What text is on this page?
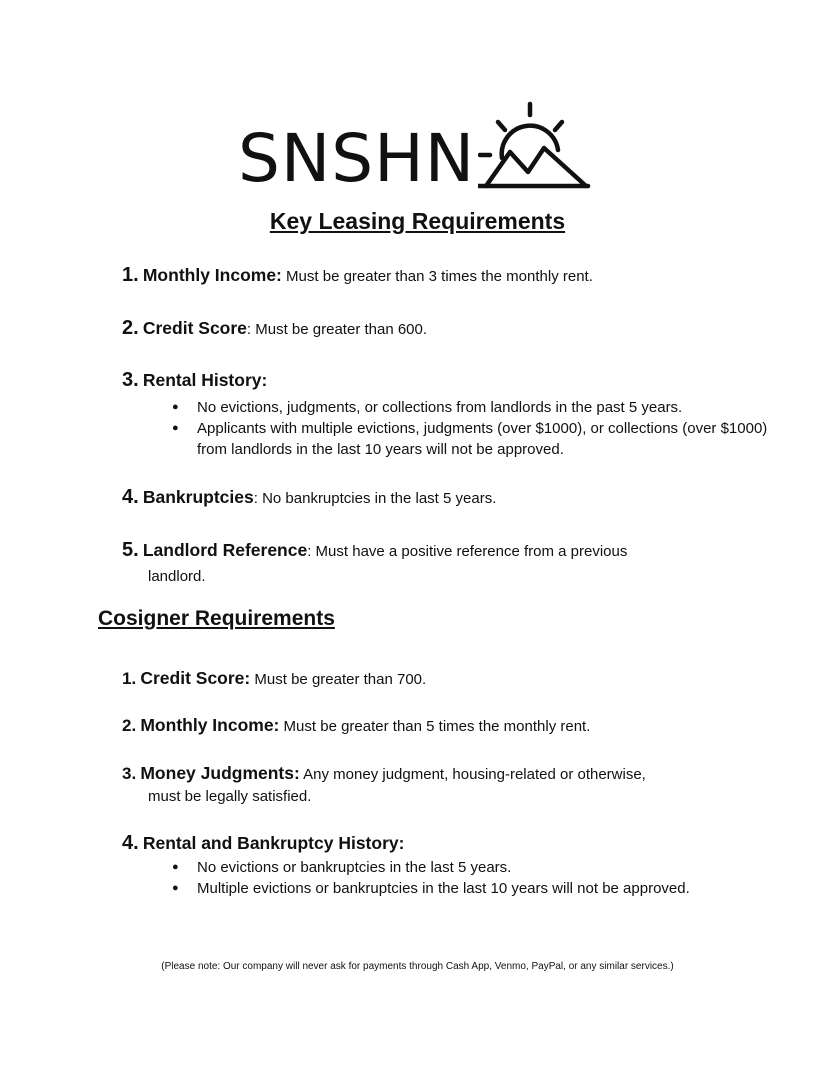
SNSHN
Key Leasing Requirements
1. Monthly Income: Must be greater than 3 times the monthly rent.
2. Credit Score: Must be greater than 600.
3. Rental History:
● No evictions, judgments, or collections from landlords in the past 5 years.
● Applicants with multiple evictions, judgments (over $1000), or collections (over $1000) from landlords in the last 10 years will not be approved.
4. Bankruptcies: No bankruptcies in the last 5 years.
5. Landlord Reference: Must have a positive reference from a previous
landlord.
Cosigner Requirements
1. Credit Score: Must be greater than 700.
2. Monthly Income: Must be greater than 5 times the monthly rent.
3. Money Judgments: Any money judgment, housing-related or otherwise,
must be legally satisfied.
4. Rental and Bankruptcy History:
● No evictions or bankruptcies in the last 5 years.
● Multiple evictions or bankruptcies in the last 10 years will not be approved.
(Please note: Our company will never ask for payments through Cash App, Venmo, PayPal, or any similar services.)
